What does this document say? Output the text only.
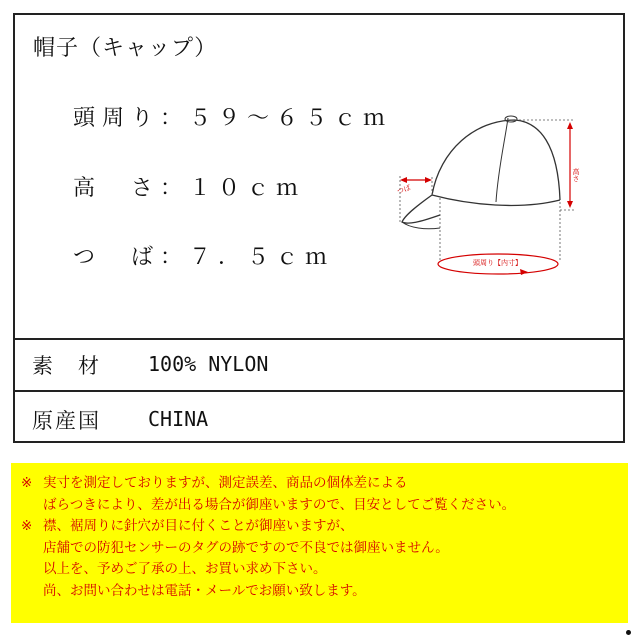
帽子（キャップ）
頭周り：５９～６５ｃｍ
高　さ：１０ｃｍ
つ　ば：７．５ｃｍ
高さ
つば
頭周り【内寸】
素　材 100% NYLON
原産国 CHINA
※ 実寸を測定しておりますが、測定誤差、商品の個体差による
ばらつきにより、差が出る場合が御座いますので、目安としてご覧ください。
※ 襟、裾周りに針穴が目に付くことが御座いますが、
店舗での防犯センサーのタグの跡ですので不良では御座いません。
以上を、予めご了承の上、お買い求め下さい。
尚、お問い合わせは電話・メールでお願い致します。
